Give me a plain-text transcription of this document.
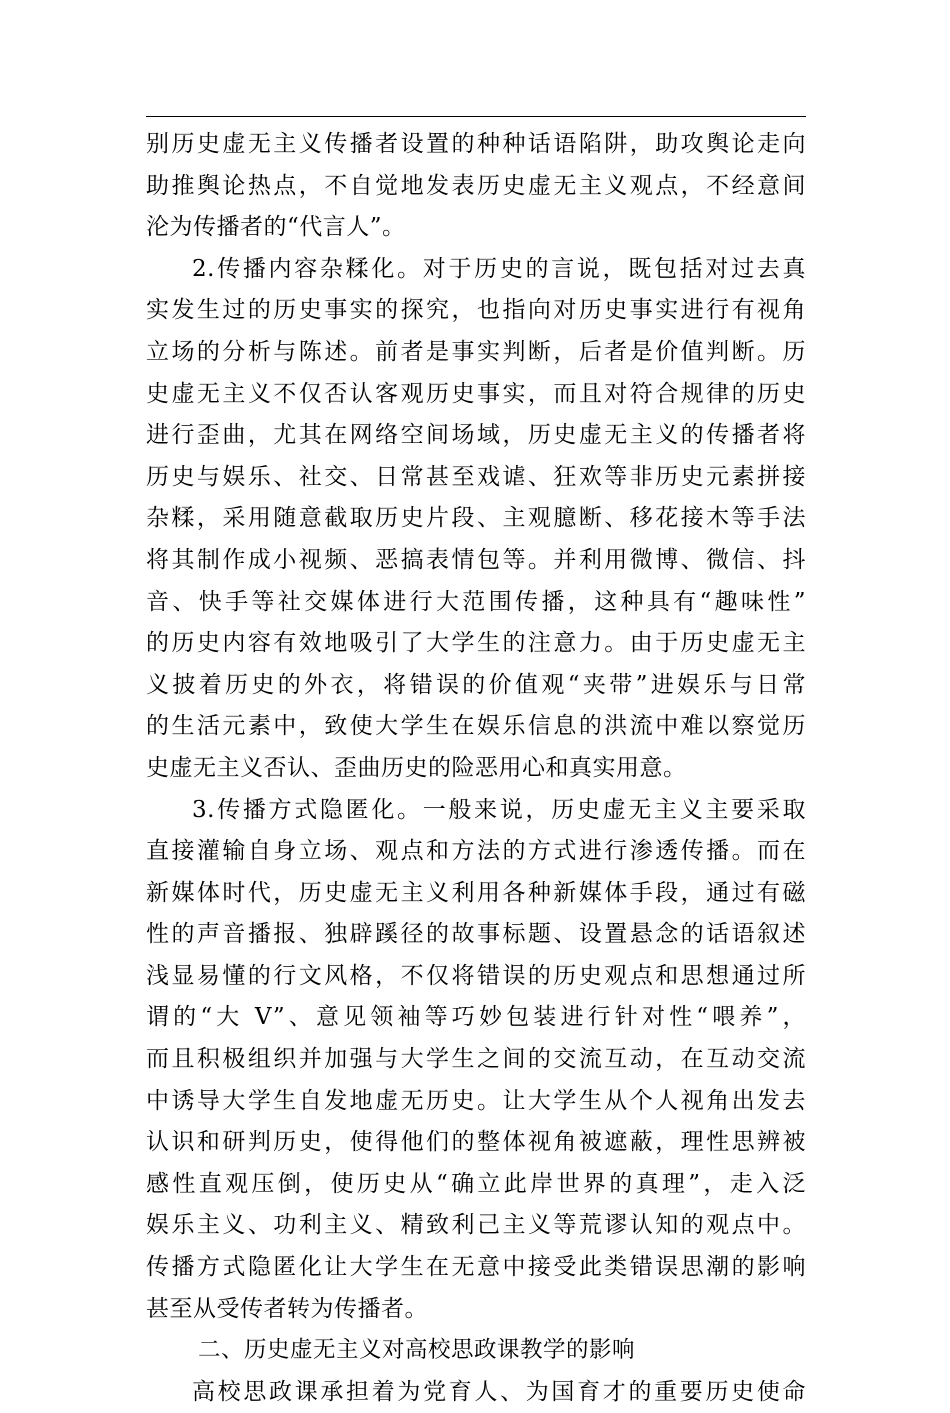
别历史虚无主义传播者设置的种种话语陷阱，助攻舆论走向
助推舆论热点，不自觉地发表历史虚无主义观点，不经意间
沦为传播者的“代言人”。
2.传播内容杂糅化。对于历史的言说，既包括对过去真
实发生过的历史事实的探究，也指向对历史事实进行有视角
立场的分析与陈述。前者是事实判断，后者是价值判断。历
史虚无主义不仅否认客观历史事实，而且对符合规律的历史
进行歪曲，尤其在网络空间场域，历史虚无主义的传播者将
历史与娱乐、社交、日常甚至戏谑、狂欢等非历史元素拼接
杂糅，采用随意截取历史片段、主观臆断、移花接木等手法
将其制作成小视频、恶搞表情包等。并利用微博、微信、抖
音、快手等社交媒体进行大范围传播，这种具有“趣味性”
的历史内容有效地吸引了大学生的注意力。由于历史虚无主
义披着历史的外衣，将错误的价值观“夹带”进娱乐与日常
的生活元素中，致使大学生在娱乐信息的洪流中难以察觉历
史虚无主义否认、歪曲历史的险恶用心和真实用意。
3.传播方式隐匿化。一般来说，历史虚无主义主要采取
直接灌输自身立场、观点和方法的方式进行渗透传播。而在
新媒体时代，历史虚无主义利用各种新媒体手段，通过有磁
性的声音播报、独辟蹊径的故事标题、设置悬念的话语叙述
浅显易懂的行文风格，不仅将错误的历史观点和思想通过所
谓的“大 V”、意见领袖等巧妙包装进行针对性“喂养”，
而且积极组织并加强与大学生之间的交流互动，在互动交流
中诱导大学生自发地虚无历史。让大学生从个人视角出发去
认识和研判历史，使得他们的整体视角被遮蔽，理性思辨被
感性直观压倒，使历史从“确立此岸世界的真理”，走入泛
娱乐主义、功利主义、精致利己主义等荒谬认知的观点中。
传播方式隐匿化让大学生在无意中接受此类错误思潮的影响
甚至从受传者转为传播者。
二、历史虚无主义对高校思政课教学的影响
高校思政课承担着为党育人、为国育才的重要历史使命
